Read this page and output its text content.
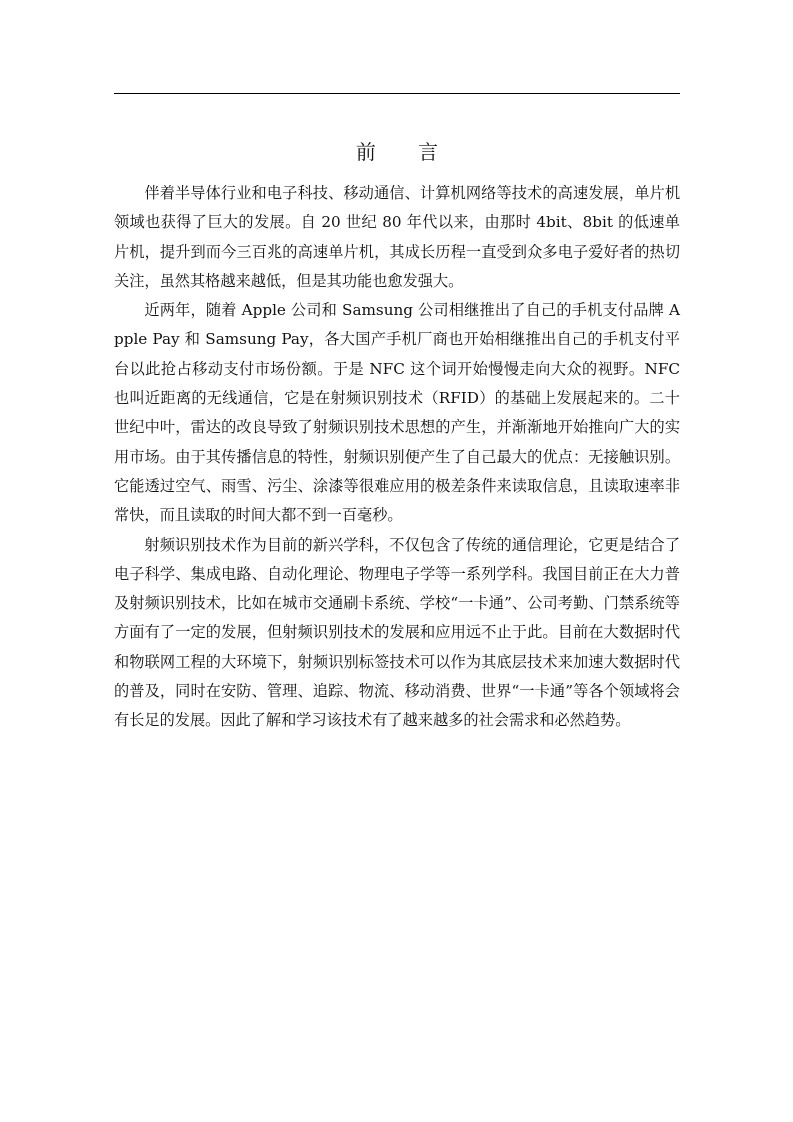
前 言

伴着半导体行业和电子科技、移动通信、计算机网络等技术的高速发展，单片机领域也获得了巨大的发展。自 20 世纪 80 年代以来，由那时 4bit、8bit 的低速单片机，提升到而今三百兆的高速单片机，其成长历程一直受到众多电子爱好者的热切关注，虽然其格越来越低，但是其功能也愈发强大。

近两年，随着 Apple 公司和 Samsung 公司相继推出了自己的手机支付品牌 Apple Pay 和 Samsung Pay，各大国产手机厂商也开始相继推出自己的手机支付平台以此抢占移动支付市场份额。于是 NFC 这个词开始慢慢走向大众的视野。NFC 也叫近距离的无线通信，它是在射频识别技术（RFID）的基础上发展起来的。二十世纪中叶，雷达的改良导致了射频识别技术思想的产生，并渐渐地开始推向广大的实用市场。由于其传播信息的特性，射频识别便产生了自己最大的优点：无接触识别。它能透过空气、雨雪、污尘、涂漆等很难应用的极差条件来读取信息，且读取速率非常快，而且读取的时间大都不到一百毫秒。

射频识别技术作为目前的新兴学科，不仅包含了传统的通信理论，它更是结合了电子科学、集成电路、自动化理论、物理电子学等一系列学科。我国目前正在大力普及射频识别技术，比如在城市交通刷卡系统、学校“一卡通”、公司考勤、门禁系统等方面有了一定的发展，但射频识别技术的发展和应用远不止于此。目前在大数据时代和物联网工程的大环境下，射频识别标签技术可以作为其底层技术来加速大数据时代的普及，同时在安防、管理、追踪、物流、移动消费、世界“一卡通”等各个领域将会有长足的发展。因此了解和学习该技术有了越来越多的社会需求和必然趋势。
